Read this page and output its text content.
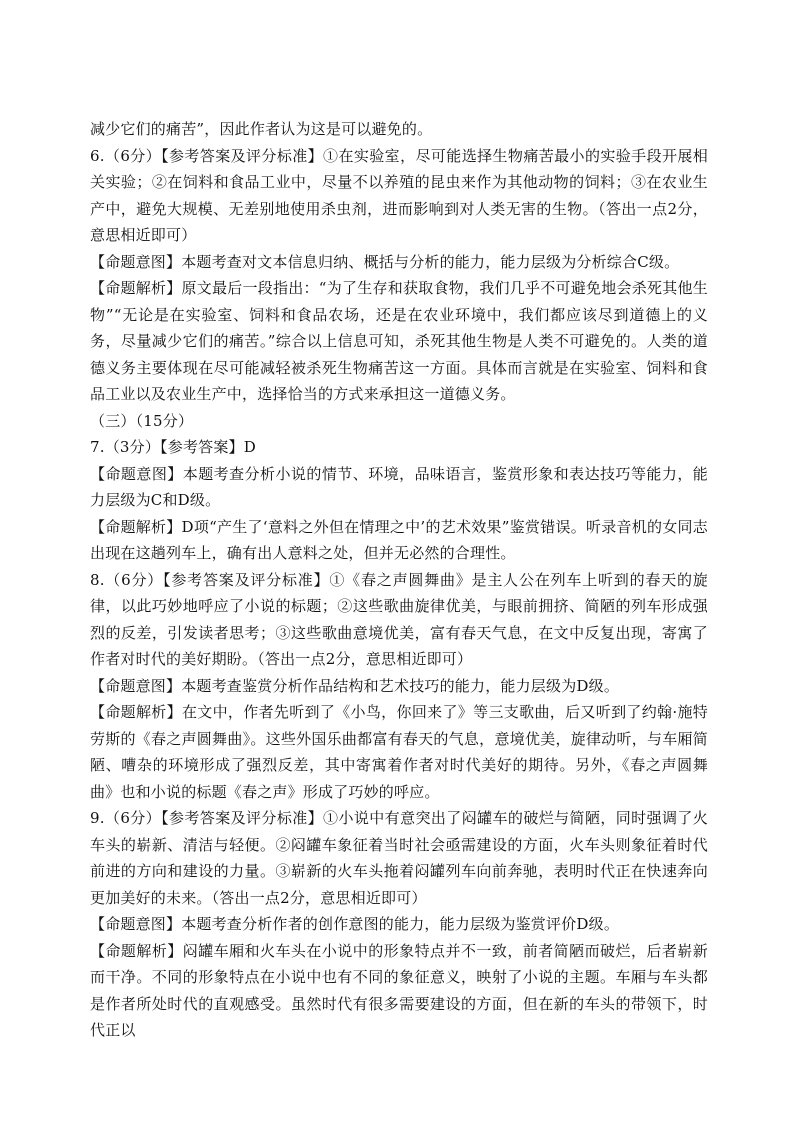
减少它们的痛苦”，因此作者认为这是可以避免的。

6.（6分）【参考答案及评分标准】①在实验室，尽可能选择生物痛苦最小的实验手段开展相关实验；②在饲料和食品工业中，尽量不以养殖的昆虫来作为其他动物的饲料；③在农业生产中，避免大规模、无差别地使用杀虫剂，进而影响到对人类无害的生物。（答出一点2分，意思相近即可）

【命题意图】本题考查对文本信息归纳、概括与分析的能力，能力层级为分析综合C级。

【命题解析】原文最后一段指出：“为了生存和获取食物，我们几乎不可避免地会杀死其他生物”“无论是在实验室、饲料和食品农场，还是在农业环境中，我们都应该尽到道德上的义务，尽量减少它们的痛苦。”综合以上信息可知，杀死其他生物是人类不可避免的。人类的道德义务主要体现在尽可能减轻被杀死生物痛苦这一方面。具体而言就是在实验室、饲料和食品工业以及农业生产中，选择恰当的方式来承担这一道德义务。

（三）（15分）

7.（3分）【参考答案】D

【命题意图】本题考查分析小说的情节、环境，品味语言，鉴赏形象和表达技巧等能力，能力层级为C和D级。

【命题解析】D项“产生了‘意料之外但在情理之中’的艺术效果”鉴赏错误。听录音机的女同志出现在这趟列车上，确有出人意料之处，但并无必然的合理性。

8.（6分）【参考答案及评分标准】①《春之声圆舞曲》是主人公在列车上听到的春天的旋律，以此巧妙地呼应了小说的标题；②这些歌曲旋律优美，与眼前拥挤、简陋的列车形成强烈的反差，引发读者思考；③这些歌曲意境优美，富有春天气息，在文中反复出现，寄寓了作者对时代的美好期盼。（答出一点2分，意思相近即可）

【命题意图】本题考查鉴赏分析作品结构和艺术技巧的能力，能力层级为D级。

【命题解析】在文中，作者先听到了《小鸟，你回来了》等三支歌曲，后又听到了约翰·施特劳斯的《春之声圆舞曲》。这些外国乐曲都富有春天的气息，意境优美，旋律动听，与车厢简陋、嘈杂的环境形成了强烈反差，其中寄寓着作者对时代美好的期待。另外，《春之声圆舞曲》也和小说的标题《春之声》形成了巧妙的呼应。

9.（6分）【参考答案及评分标准】①小说中有意突出了闷罐车的破烂与简陋，同时强调了火车头的崭新、清洁与轻便。②闷罐车象征着当时社会亟需建设的方面，火车头则象征着时代前进的方向和建设的力量。③崭新的火车头拖着闷罐列车向前奔驰，表明时代正在快速奔向更加美好的未来。（答出一点2分，意思相近即可）

【命题意图】本题考查分析作者的创作意图的能力，能力层级为鉴赏评价D级。

【命题解析】闷罐车厢和火车头在小说中的形象特点并不一致，前者简陋而破烂，后者崭新而干净。不同的形象特点在小说中也有不同的象征意义，映射了小说的主题。车厢与车头都是作者所处时代的直观感受。虽然时代有很多需要建设的方面，但在新的车头的带领下，时代正以
